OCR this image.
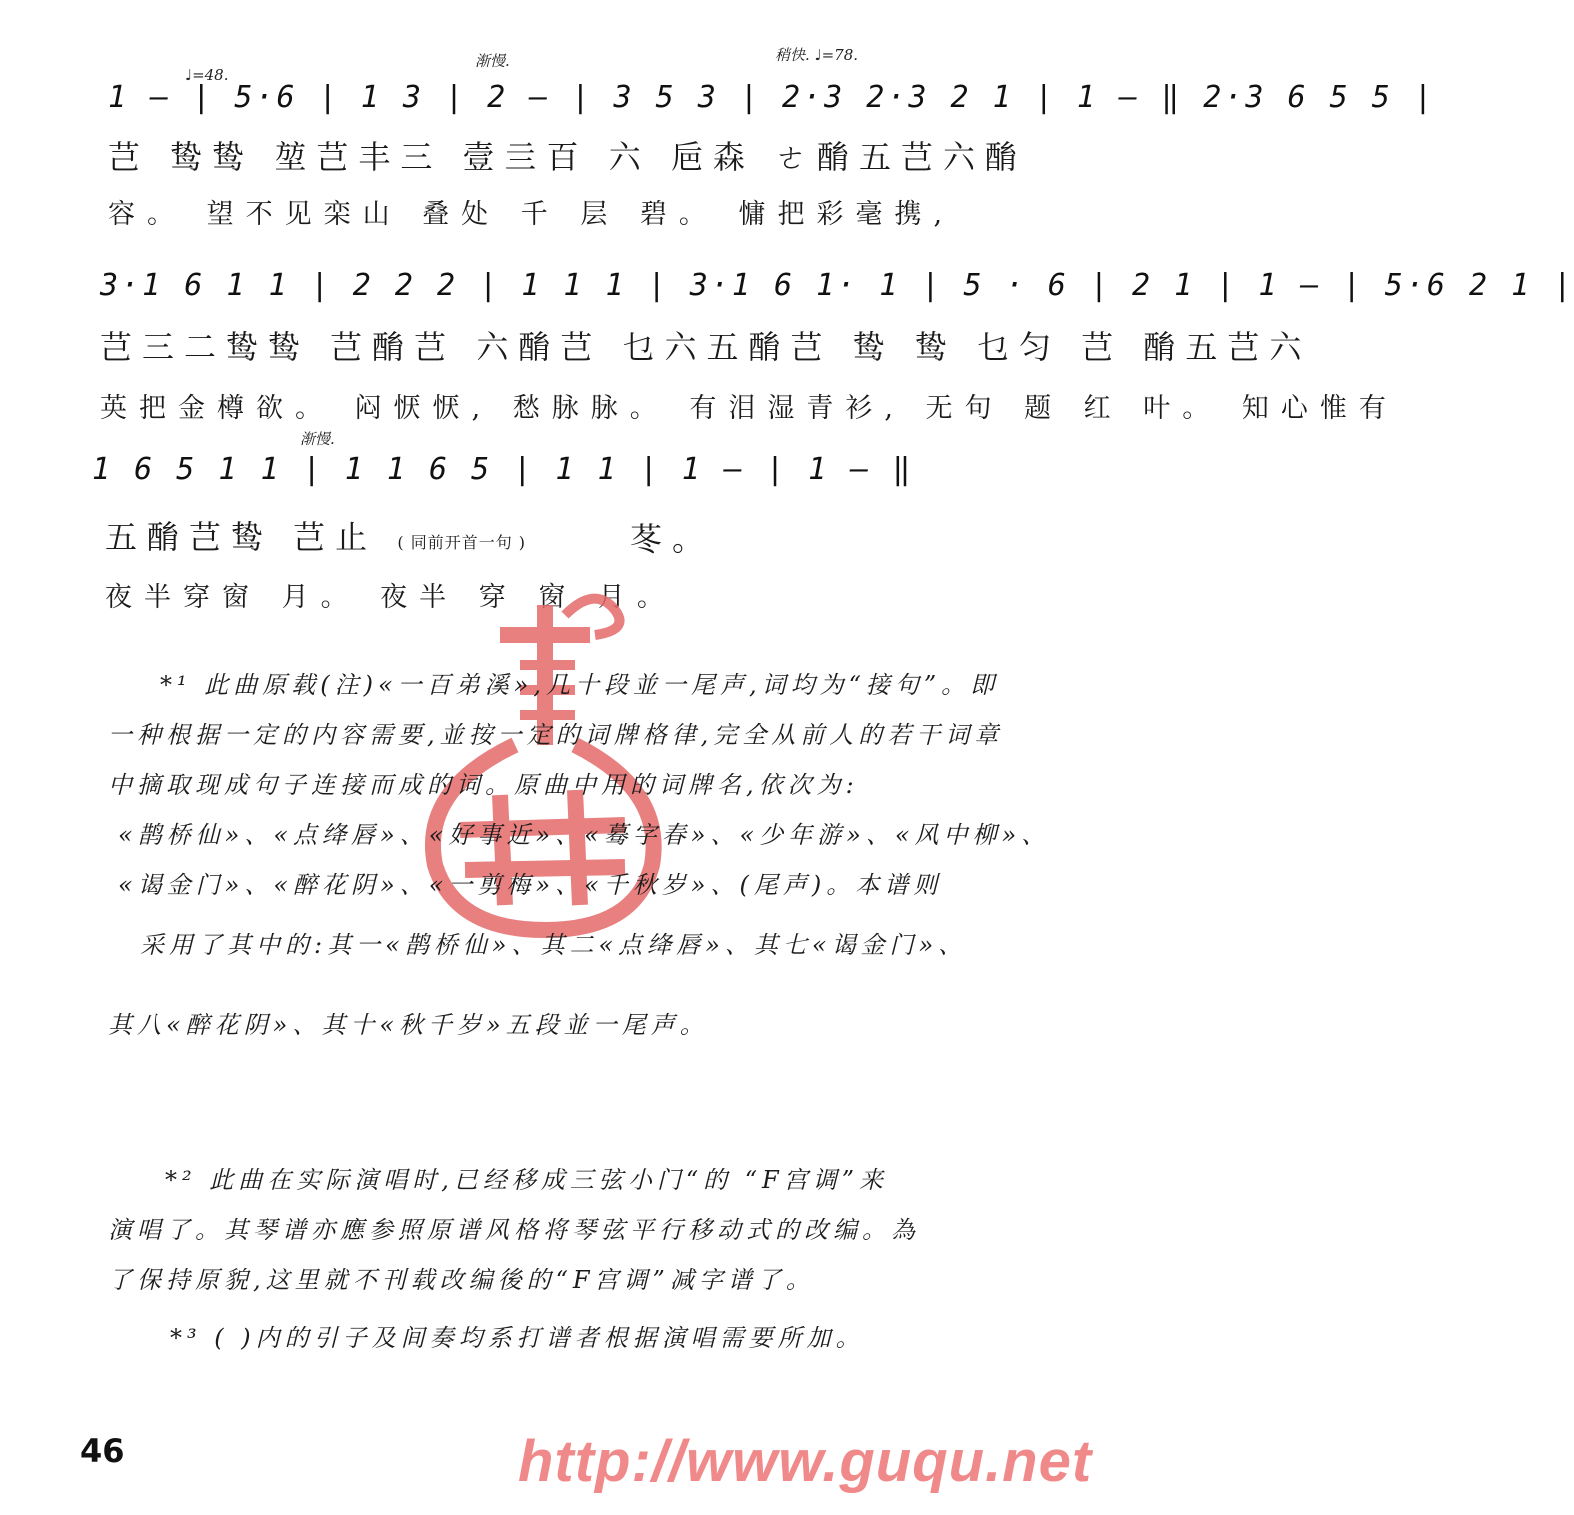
♩=48.
渐慢.	稍快. ♩=78.
1 — | 5·6 | 1 3 | 2 — | 3 5 3 | 2·3 2·3 2 1 | 1 — ‖ 2·3 6 5 5 |
芑 鸷鸷 堃芑丰三 壹亖百 六 巵森 ㄜ酳五芑六酳
容。 望不见栾山 叠处 千 层 碧。 慵把彩毫携,
3·1 6 1 1 | 2 2 2 | 1 1 1 | 3·1 6 1· 1 | 5 · 6 | 2 1 | 1 — | 5·6 2 1 |
芑三二鸷鸷 芑酳芑 六酳芑 乜六五酳芑 鸷 鸷 乜匀 芑 酳五芑六
英把金樽欲。 闷恹恹, 愁脉脉。 有泪湿青衫, 无句 题 红 叶。 知心惟有
渐慢.
1 6 5 1 1 | 1 1 6 5 | 1 1 | 1 — | 1 — ‖
五酳芑鸷 芑止 ( 同前开首一句 )	苳。
夜半穿窗 月。 夜半 穿 窗 月。
*¹ 此曲原载(注)«一百弟溪»,几十段並一尾声,词均为“接句”。即
一种根据一定的内容需要,並按一定的词牌格律,完全从前人的若干词章
中摘取现成句子连接而成的词。原曲中用的词牌名,依次为:
«鹊桥仙»、«点绛唇»、«好事近»、«蓦字春»、«少年游»、«风中柳»、
«谒金门»、«醉花阴»、«一剪梅»、«千秋岁»、(尾声)。本谱则
采用了其中的:其一«鹊桥仙»、其二«点绛唇»、其七«谒金门»、
其八«醉花阴»、其十«秋千岁»五段並一尾声。
*² 此曲在实际演唱时,已经移成三弦小门“的 “F宫调”来
演唱了。其琴谱亦應参照原谱风格将琴弦平行移动式的改编。為
了保持原貌,这里就不刊载改编後的“F宫调”减字谱了。
*³ ( )内的引子及间奏均系打谱者根据演唱需要所加。
46	http://www.guqu.net
